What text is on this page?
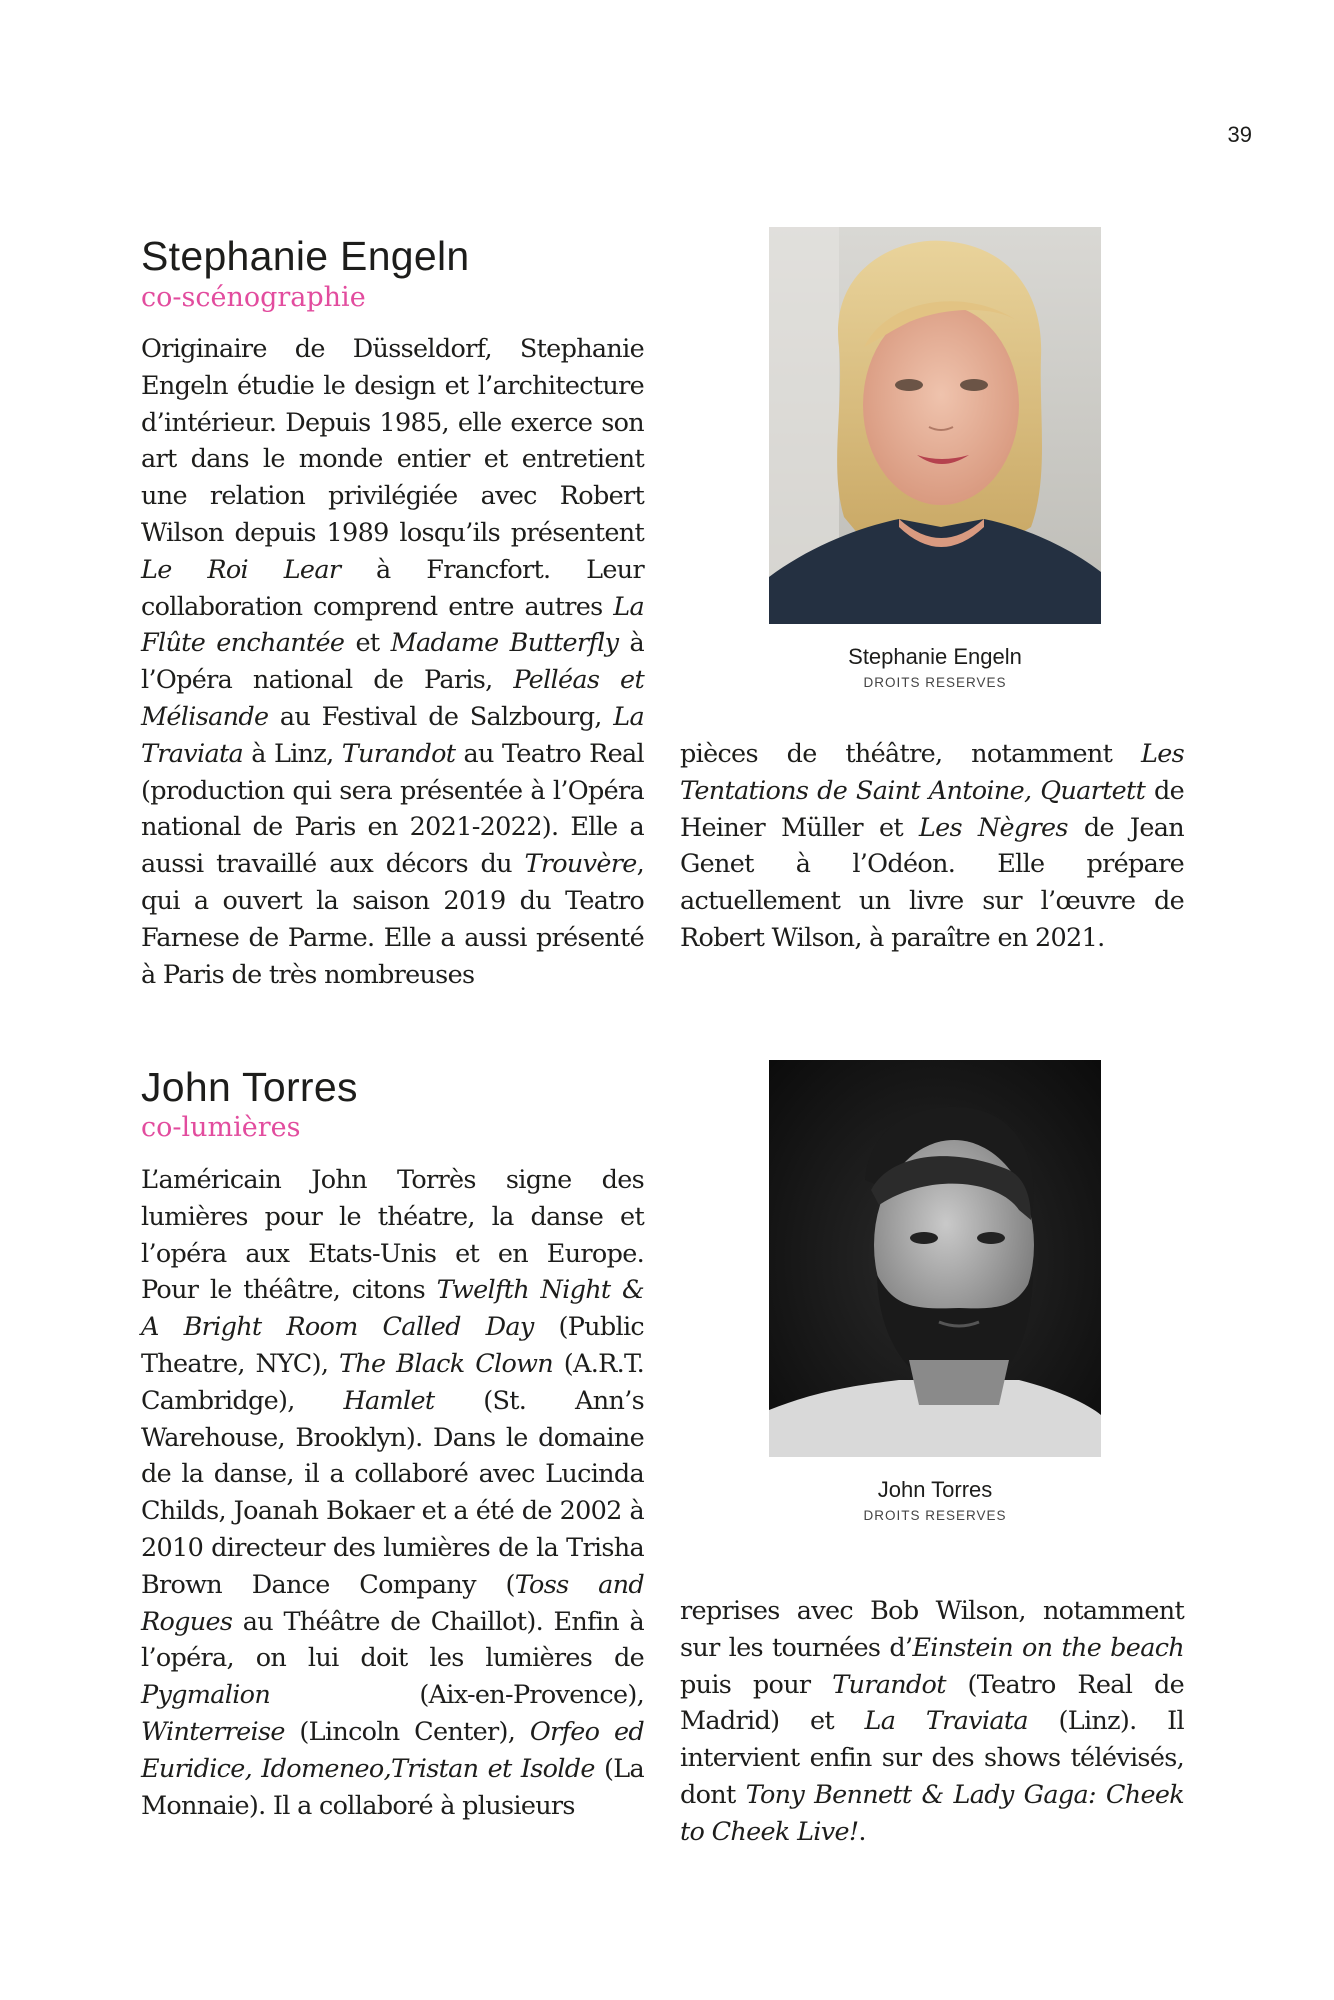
39
Stephanie Engeln
co-scénographie

Originaire de Düsseldorf, Stephanie Engeln étudie le design et l’architecture d’intérieur. Depuis 1985, elle exerce son art dans le monde entier et entretient une relation privilégiée avec Robert Wilson depuis 1989 losqu’ils présentent Le Roi Lear à Francfort. Leur collaboration comprend entre autres La Flûte enchantée et Madame Butterfly à l’Opéra national de Paris, Pelléas et Mélisande au Festival de Salzbourg, La Traviata à Linz, Turandot au Teatro Real (production qui sera présentée à l’Opéra national de Paris en 2021-2022). Elle a aussi travaillé aux décors du Trouvère, qui a ouvert la saison 2019 du Teatro Farnese de Parme. Elle a aussi présenté à Paris de très nombreuses

Stephanie Engeln
DROITS RESERVES

pièces de théâtre, notamment Les Tentations de Saint Antoine, Quartett de Heiner Müller et Les Nègres de Jean Genet à l’Odéon. Elle prépare actuellement un livre sur l’œuvre de Robert Wilson, à paraître en 2021.

John Torres
co-lumières

L’américain John Torrès signe des lumières pour le théatre, la danse et l’opéra aux Etats-Unis et en Europe. Pour le théâtre, citons Twelfth Night & A Bright Room Called Day (Public Theatre, NYC), The Black Clown (A.R.T. Cambridge), Hamlet (St. Ann’s Warehouse, Brooklyn). Dans le domaine de la danse, il a collaboré avec Lucinda Childs, Joanah Bokaer et a été de 2002 à 2010 directeur des lumières de la Trisha Brown Dance Company (Toss and Rogues au Théâtre de Chaillot). Enfin à l’opéra, on lui doit les lumières de Pygmalion (Aix-en-Provence), Winterreise (Lincoln Center), Orfeo ed Euridice, Idomeneo,Tristan et Isolde (La Monnaie). Il a collaboré à plusieurs

John Torres
DROITS RESERVES

reprises avec Bob Wilson, notamment sur les tournées d’Einstein on the beach puis pour Turandot (Teatro Real de Madrid) et La Traviata (Linz). Il intervient enfin sur des shows télévisés, dont Tony Bennett & Lady Gaga: Cheek to Cheek Live!.
